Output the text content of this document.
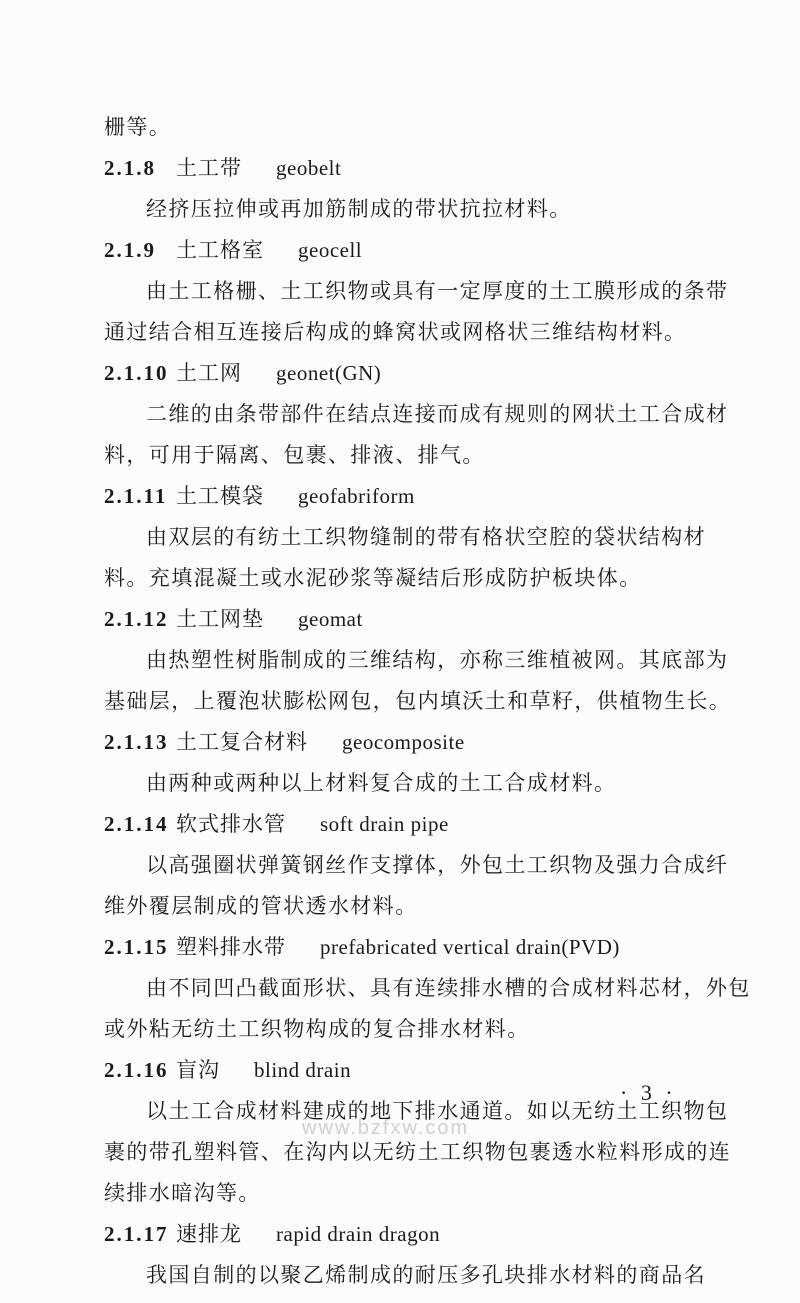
栅等。
2.1.8 土工带 geobelt
经挤压拉伸或再加筋制成的带状抗拉材料。
2.1.9 土工格室 geocell
由土工格栅、土工织物或具有一定厚度的土工膜形成的条带
通过结合相互连接后构成的蜂窝状或网格状三维结构材料。
2.1.10 土工网 geonet(GN)
二维的由条带部件在结点连接而成有规则的网状土工合成材
料，可用于隔离、包裹、排液、排气。
2.1.11 土工模袋 geofabriform
由双层的有纺土工织物缝制的带有格状空腔的袋状结构材
料。充填混凝土或水泥砂浆等凝结后形成防护板块体。
2.1.12 土工网垫 geomat
由热塑性树脂制成的三维结构，亦称三维植被网。其底部为
基础层，上覆泡状膨松网包，包内填沃土和草籽，供植物生长。
2.1.13 土工复合材料 geocomposite
由两种或两种以上材料复合成的土工合成材料。
2.1.14 软式排水管 soft drain pipe
以高强圈状弹簧钢丝作支撑体，外包土工织物及强力合成纤
维外覆层制成的管状透水材料。
2.1.15 塑料排水带 prefabricated vertical drain(PVD)
由不同凹凸截面形状、具有连续排水槽的合成材料芯材，外包
或外粘无纺土工织物构成的复合排水材料。
2.1.16 盲沟 blind drain
以土工合成材料建成的地下排水通道。如以无纺土工织物包
裹的带孔塑料管、在沟内以无纺土工织物包裹透水粒料形成的连
续排水暗沟等。
2.1.17 速排龙 rapid drain dragon
我国自制的以聚乙烯制成的耐压多孔块排水材料的商品名
· 3 ·
www.bzfxw.com
